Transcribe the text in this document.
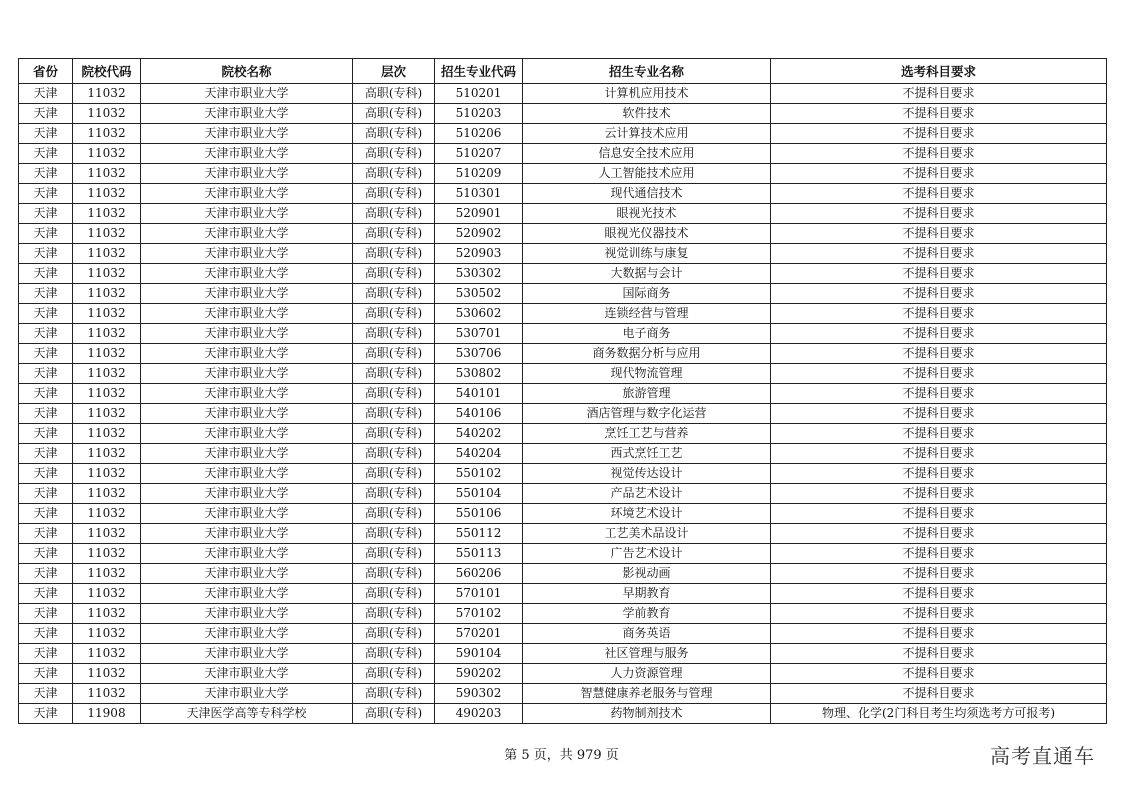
省份	院校代码	院校名称	层次	招生专业代码	招生专业名称	选考科目要求
天津	11032	天津市职业大学	高职(专科)	510201	计算机应用技术	不提科目要求
天津	11032	天津市职业大学	高职(专科)	510203	软件技术	不提科目要求
天津	11032	天津市职业大学	高职(专科)	510206	云计算技术应用	不提科目要求
天津	11032	天津市职业大学	高职(专科)	510207	信息安全技术应用	不提科目要求
天津	11032	天津市职业大学	高职(专科)	510209	人工智能技术应用	不提科目要求
天津	11032	天津市职业大学	高职(专科)	510301	现代通信技术	不提科目要求
天津	11032	天津市职业大学	高职(专科)	520901	眼视光技术	不提科目要求
天津	11032	天津市职业大学	高职(专科)	520902	眼视光仪器技术	不提科目要求
天津	11032	天津市职业大学	高职(专科)	520903	视觉训练与康复	不提科目要求
天津	11032	天津市职业大学	高职(专科)	530302	大数据与会计	不提科目要求
天津	11032	天津市职业大学	高职(专科)	530502	国际商务	不提科目要求
天津	11032	天津市职业大学	高职(专科)	530602	连锁经营与管理	不提科目要求
天津	11032	天津市职业大学	高职(专科)	530701	电子商务	不提科目要求
天津	11032	天津市职业大学	高职(专科)	530706	商务数据分析与应用	不提科目要求
天津	11032	天津市职业大学	高职(专科)	530802	现代物流管理	不提科目要求
天津	11032	天津市职业大学	高职(专科)	540101	旅游管理	不提科目要求
天津	11032	天津市职业大学	高职(专科)	540106	酒店管理与数字化运营	不提科目要求
天津	11032	天津市职业大学	高职(专科)	540202	烹饪工艺与营养	不提科目要求
天津	11032	天津市职业大学	高职(专科)	540204	西式烹饪工艺	不提科目要求
天津	11032	天津市职业大学	高职(专科)	550102	视觉传达设计	不提科目要求
天津	11032	天津市职业大学	高职(专科)	550104	产品艺术设计	不提科目要求
天津	11032	天津市职业大学	高职(专科)	550106	环境艺术设计	不提科目要求
天津	11032	天津市职业大学	高职(专科)	550112	工艺美术品设计	不提科目要求
天津	11032	天津市职业大学	高职(专科)	550113	广告艺术设计	不提科目要求
天津	11032	天津市职业大学	高职(专科)	560206	影视动画	不提科目要求
天津	11032	天津市职业大学	高职(专科)	570101	早期教育	不提科目要求
天津	11032	天津市职业大学	高职(专科)	570102	学前教育	不提科目要求
天津	11032	天津市职业大学	高职(专科)	570201	商务英语	不提科目要求
天津	11032	天津市职业大学	高职(专科)	590104	社区管理与服务	不提科目要求
天津	11032	天津市职业大学	高职(专科)	590202	人力资源管理	不提科目要求
天津	11032	天津市职业大学	高职(专科)	590302	智慧健康养老服务与管理	不提科目要求
天津	11908	天津医学高等专科学校	高职(专科)	490203	药物制剂技术	物理、化学(2门科目考生均须选考方可报考)
第 5 页，共 979 页	高考直通车
